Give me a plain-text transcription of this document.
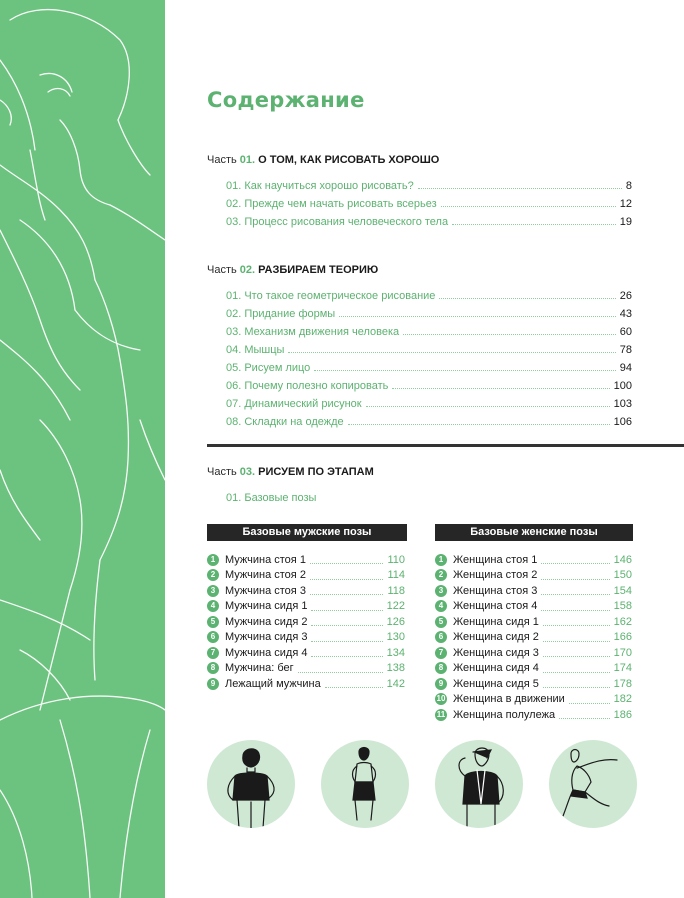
Содержание
Часть 01. О ТОМ, КАК РИСОВАТЬ ХОРОШО
01. Как научиться хорошо рисовать?	8
02. Прежде чем начать рисовать всерьез	12
03. Процесс рисования человеческого тела	19
Часть 02. РАЗБИРАЕМ ТЕОРИЮ
01. Что такое геометрическое рисование	26
02. Придание формы	43
03. Механизм движения человека	60
04. Мышцы	78
05. Рисуем лицо	94
06. Почему полезно копировать	100
07. Динамический рисунок	103
08. Складки на одежде	106
Часть 03. РИСУЕМ ПО ЭТАПАМ
01. Базовые позы
Базовые мужские позы
1 Мужчина стоя 1	110
2 Мужчина стоя 2	114
3 Мужчина стоя 3	118
4 Мужчина сидя 1	122
5 Мужчина сидя 2	126
6 Мужчина сидя 3	130
7 Мужчина сидя 4	134
8 Мужчина: бег	138
9 Лежащий мужчина	142
Базовые женские позы
1 Женщина стоя 1	146
2 Женщина стоя 2	150
3 Женщина стоя 3	154
4 Женщина стоя 4	158
5 Женщина сидя 1	162
6 Женщина сидя 2	166
7 Женщина сидя 3	170
8 Женщина сидя 4	174
9 Женщина сидя 5	178
10 Женщина в движении	182
11 Женщина полулежа	186
